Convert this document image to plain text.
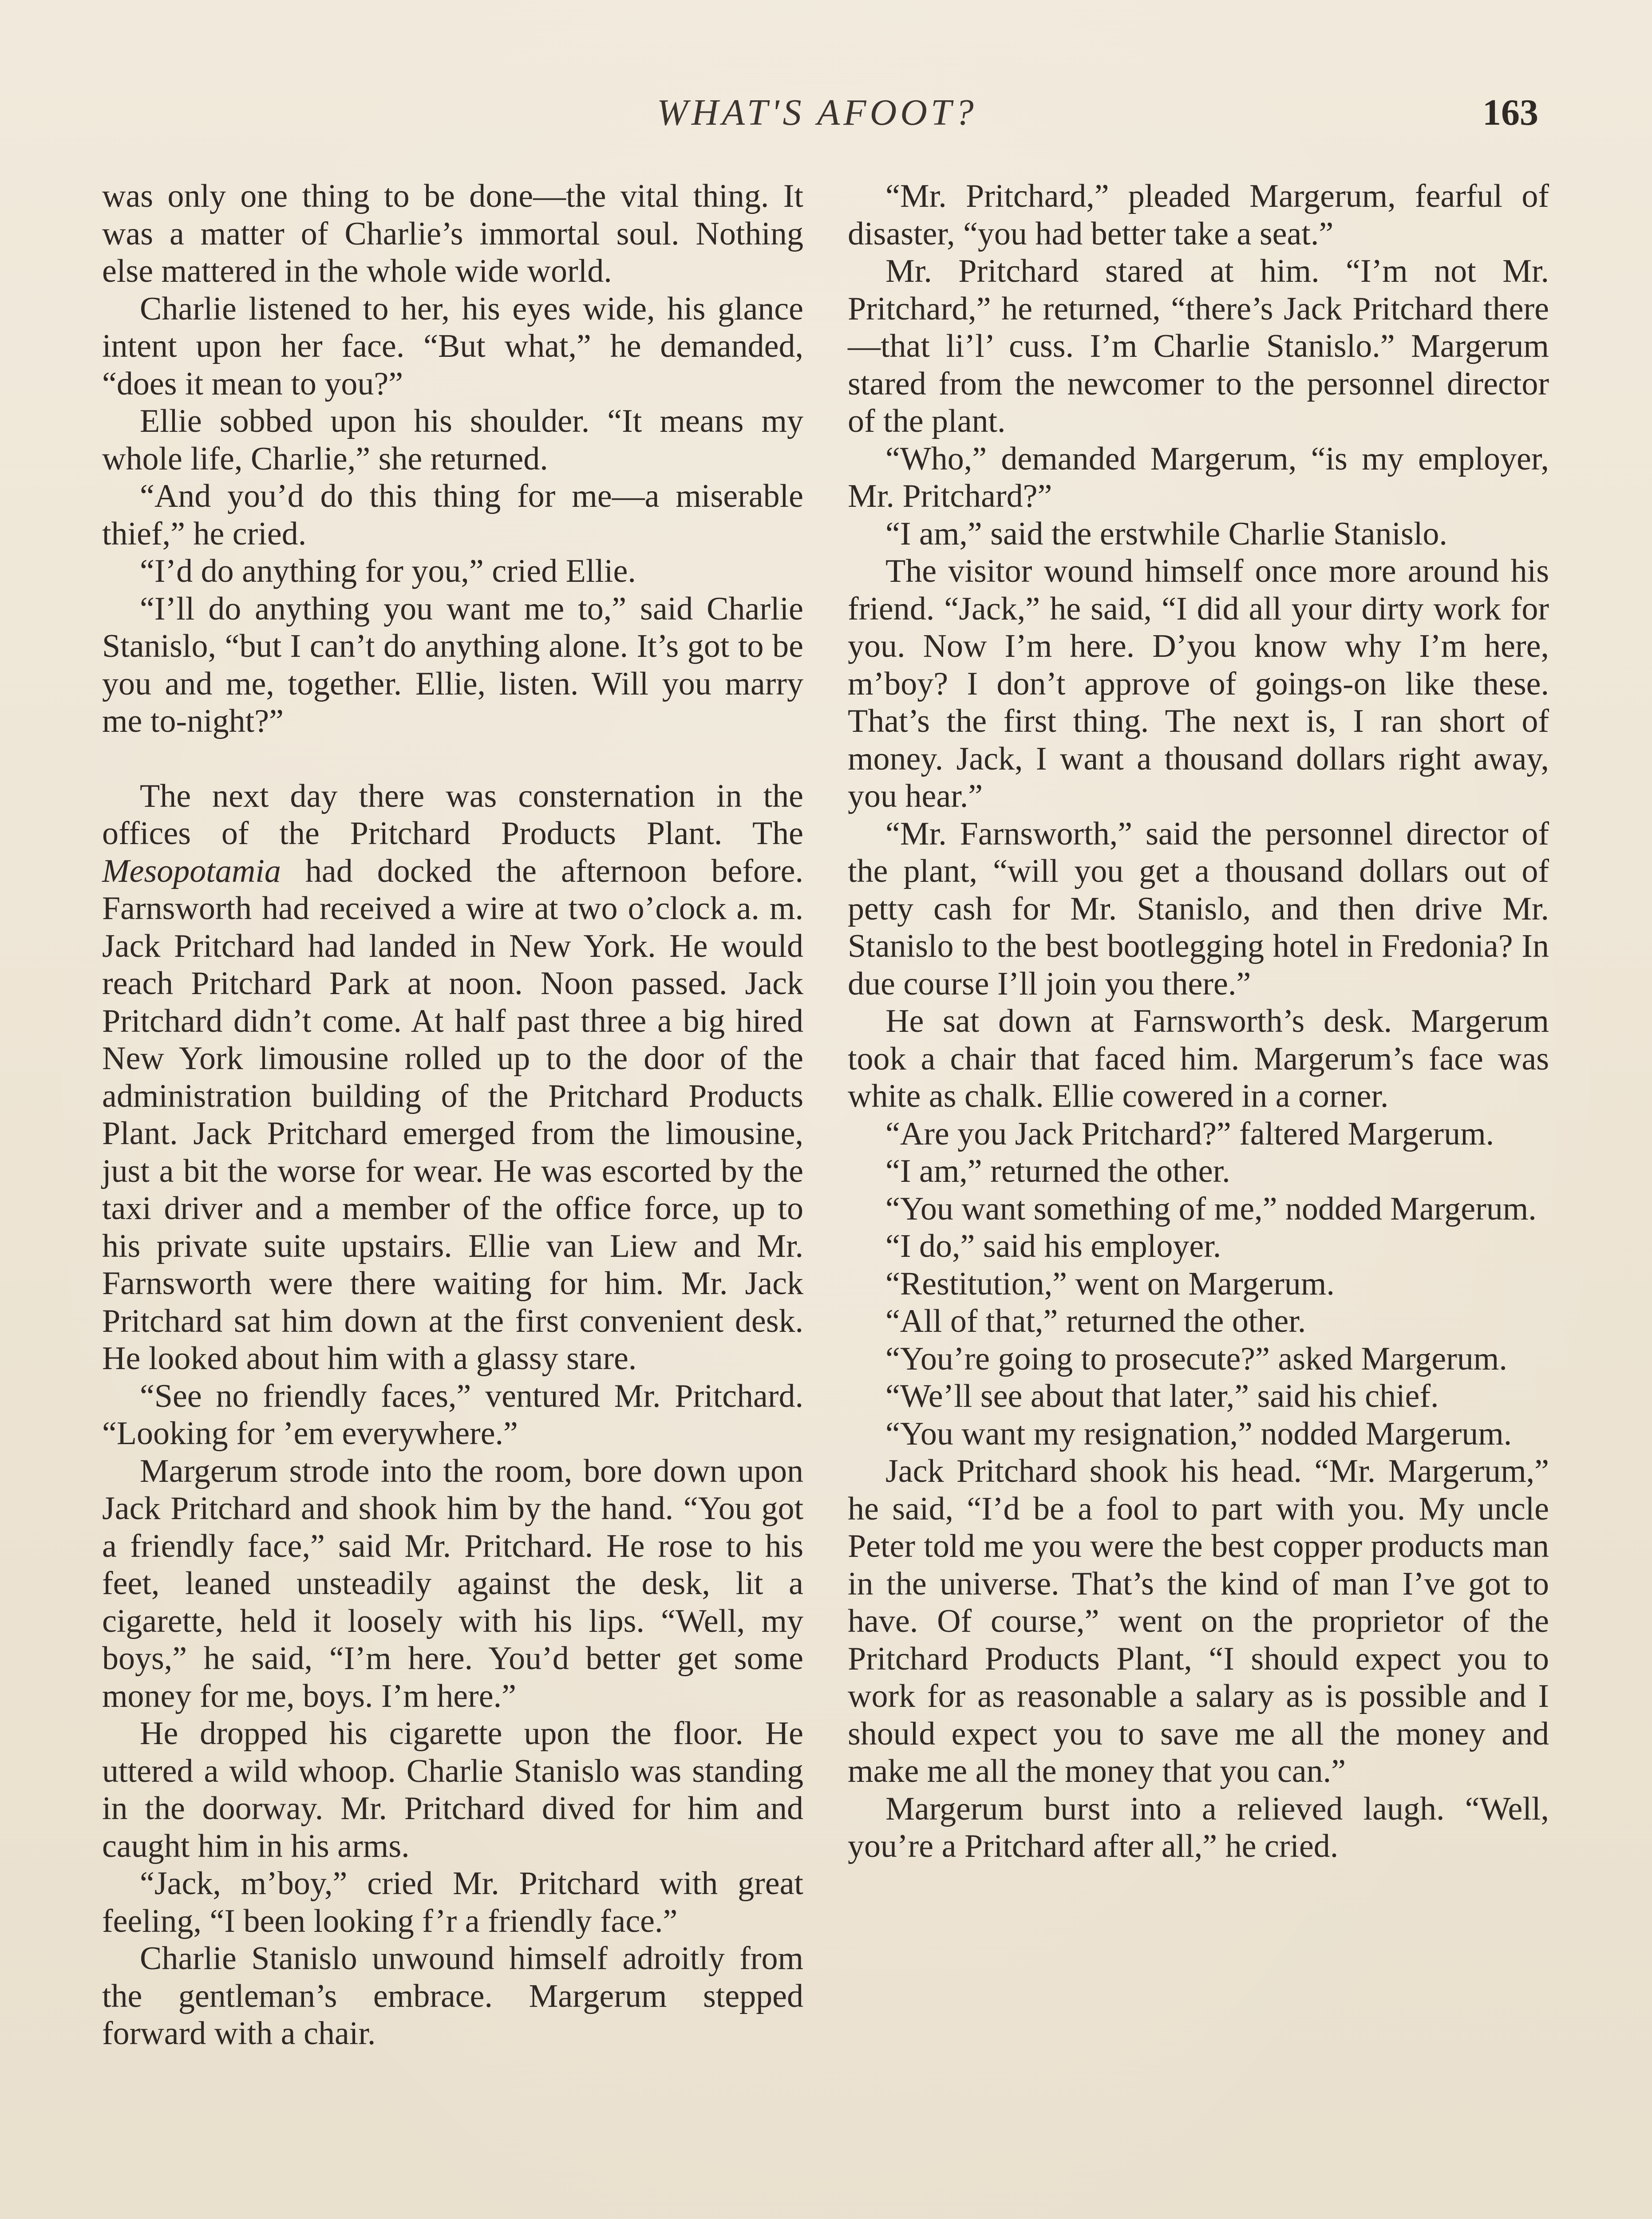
WHAT'S AFOOT?	163

was only one thing to be done—the vital thing. It was a matter of Charlie’s immortal soul. Nothing else mattered in the whole wide world.

Charlie listened to her, his eyes wide, his glance intent upon her face. “But what,” he demanded, “does it mean to you?”

Ellie sobbed upon his shoulder. “It means my whole life, Charlie,” she returned.

“And you’d do this thing for me—a miserable thief,” he cried.

“I’d do anything for you,” cried Ellie.

“I’ll do anything you want me to,” said Charlie Stanislo, “but I can’t do anything alone. It’s got to be you and me, together. Ellie, listen. Will you marry me to-night?”

The next day there was consternation in the offices of the Pritchard Products Plant. The Mesopotamia had docked the afternoon before. Farnsworth had received a wire at two o’clock a. m. Jack Pritchard had landed in New York. He would reach Pritchard Park at noon. Noon passed. Jack Pritchard didn’t come. At half past three a big hired New York limousine rolled up to the door of the administration building of the Pritchard Products Plant. Jack Pritchard emerged from the limousine, just a bit the worse for wear. He was escorted by the taxi driver and a member of the office force, up to his private suite upstairs. Ellie van Liew and Mr. Farnsworth were there waiting for him. Mr. Jack Pritchard sat him down at the first convenient desk. He looked about him with a glassy stare.

“See no friendly faces,” ventured Mr. Pritchard. “Looking for ’em everywhere.”

Margerum strode into the room, bore down upon Jack Pritchard and shook him by the hand. “You got a friendly face,” said Mr. Pritchard. He rose to his feet, leaned unsteadily against the desk, lit a cigarette, held it loosely with his lips. “Well, my boys,” he said, “I’m here. You’d better get some money for me, boys. I’m here.”

He dropped his cigarette upon the floor. He uttered a wild whoop. Charlie Stanislo was standing in the doorway. Mr. Pritchard dived for him and caught him in his arms.

“Jack, m’boy,” cried Mr. Pritchard with great feeling, “I been looking f’r a friendly face.”

Charlie Stanislo unwound himself adroitly from the gentleman’s embrace. Margerum stepped forward with a chair.

“Mr. Pritchard,” pleaded Margerum, fearful of disaster, “you had better take a seat.”

Mr. Pritchard stared at him. “I’m not Mr. Pritchard,” he returned, “there’s Jack Pritchard there—that li’l’ cuss. I’m Charlie Stanislo.” Margerum stared from the newcomer to the personnel director of the plant.

“Who,” demanded Margerum, “is my employer, Mr. Pritchard?”

“I am,” said the erstwhile Charlie Stanislo.

The visitor wound himself once more around his friend. “Jack,” he said, “I did all your dirty work for you. Now I’m here. D’you know why I’m here, m’boy? I don’t approve of goings-on like these. That’s the first thing. The next is, I ran short of money. Jack, I want a thousand dollars right away, you hear.”

“Mr. Farnsworth,” said the personnel director of the plant, “will you get a thousand dollars out of petty cash for Mr. Stanislo, and then drive Mr. Stanislo to the best bootlegging hotel in Fredonia? In due course I’ll join you there.”

He sat down at Farnsworth’s desk. Margerum took a chair that faced him. Margerum’s face was white as chalk. Ellie cowered in a corner.

“Are you Jack Pritchard?” faltered Margerum.

“I am,” returned the other.

“You want something of me,” nodded Margerum.

“I do,” said his employer.

“Restitution,” went on Margerum.

“All of that,” returned the other.

“You’re going to prosecute?” asked Margerum.

“We’ll see about that later,” said his chief.

“You want my resignation,” nodded Margerum.

Jack Pritchard shook his head. “Mr. Margerum,” he said, “I’d be a fool to part with you. My uncle Peter told me you were the best copper products man in the universe. That’s the kind of man I’ve got to have. Of course,” went on the proprietor of the Pritchard Products Plant, “I should expect you to work for as reasonable a salary as is possible and I should expect you to save me all the money and make me all the money that you can.”

Margerum burst into a relieved laugh. “Well, you’re a Pritchard after all,” he cried.
